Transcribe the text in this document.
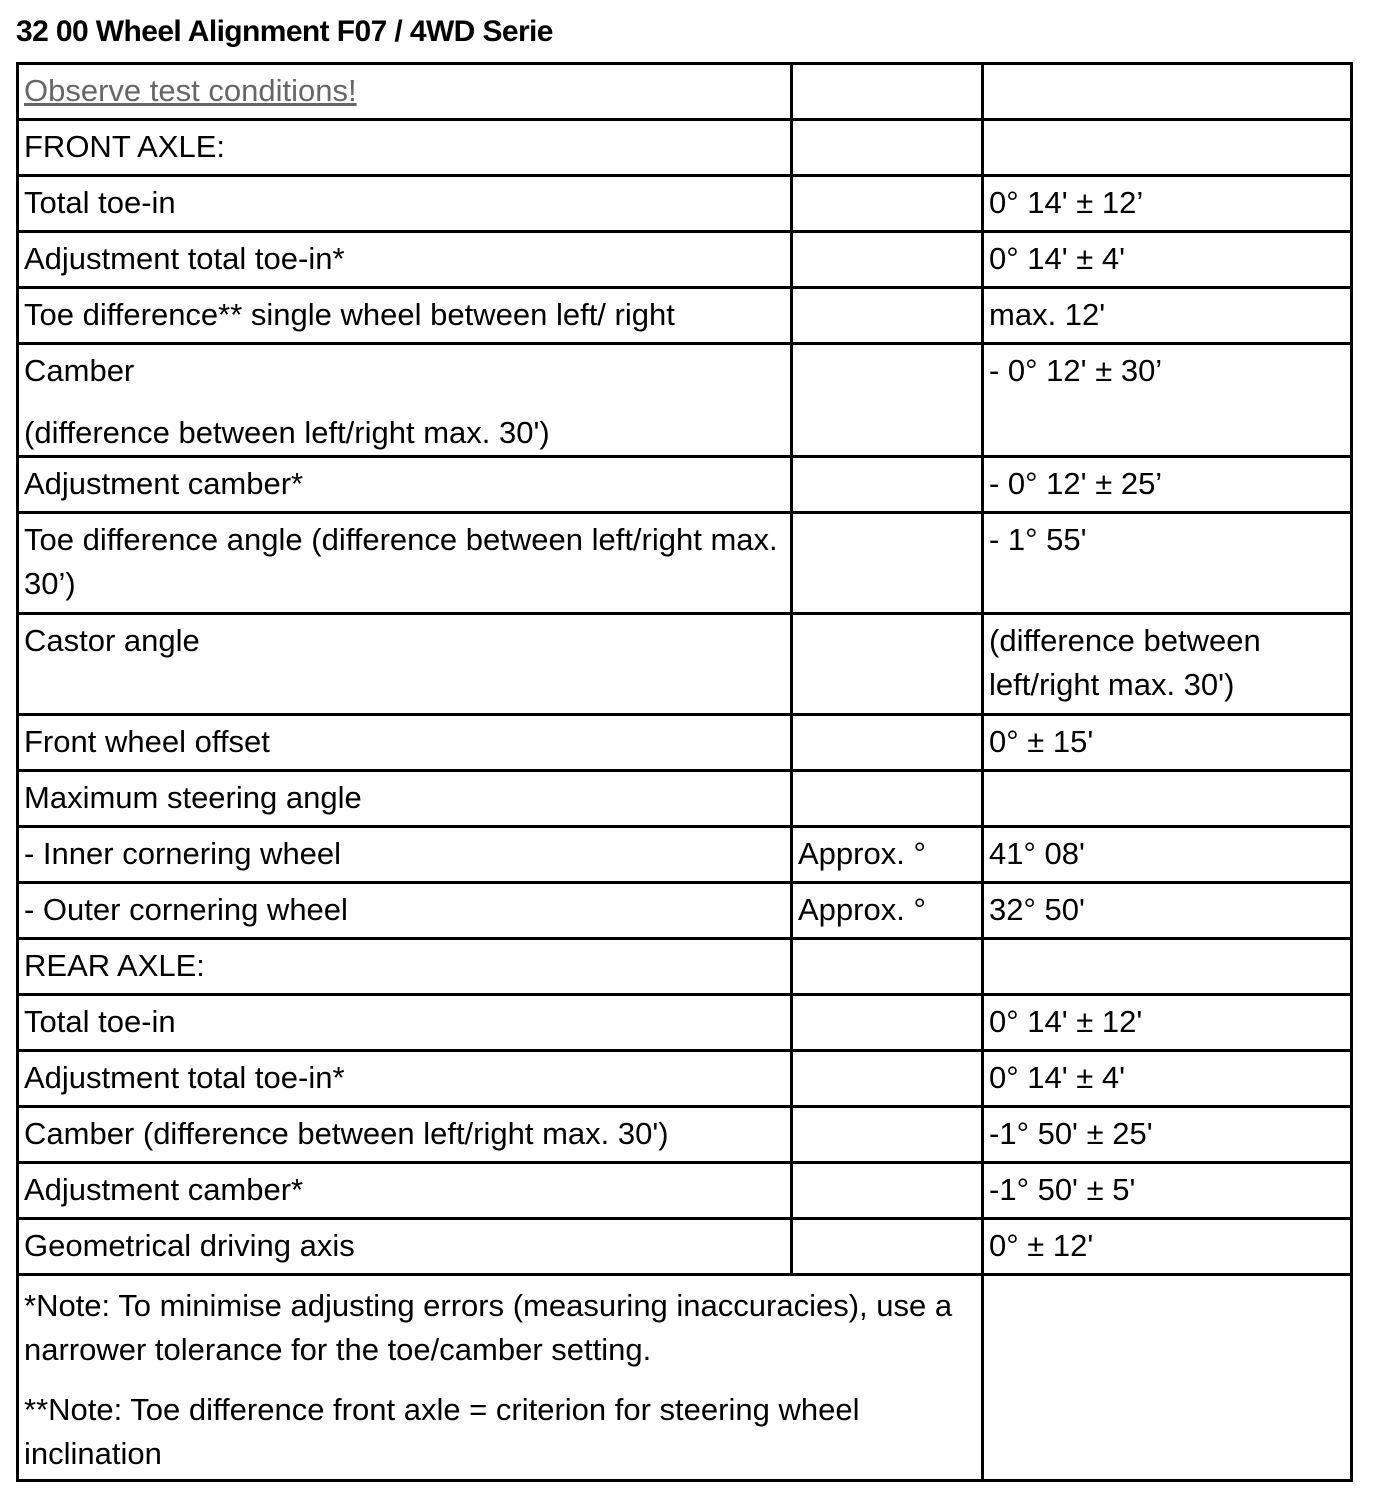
32 00 Wheel Alignment F07 / 4WD Serie
Observe test conditions!		

FRONT AXLE:		

Total toe-in		0° 14' ± 12’

Adjustment total toe-in*		0° 14' ± 4'

Toe difference** single wheel between left/ right		max. 12'

Camber
(difference between left/right max. 30')		- 0° 12' ± 30’

Adjustment camber*		- 0° 12' ± 25’

Toe difference angle (difference between left/right max. 30’)		- 1° 55'

Castor angle		(difference between left/right max. 30')

Front wheel offset		0° ± 15'

Maximum steering angle		

- Inner cornering wheel	Approx. °	41° 08'

- Outer cornering wheel	Approx. °	32° 50'

REAR AXLE:		

Total toe-in		0° 14' ± 12'

Adjustment total toe-in*		0° 14' ± 4'

Camber (difference between left/right max. 30')		-1° 50' ± 25'

Adjustment camber*		-1° 50' ± 5'

Geometrical driving axis		0° ± 12'

*Note: To minimise adjusting errors (measuring inaccuracies), use a narrower tolerance for the toe/camber setting.
**Note: Toe difference front axle = criterion for steering wheel inclination		
